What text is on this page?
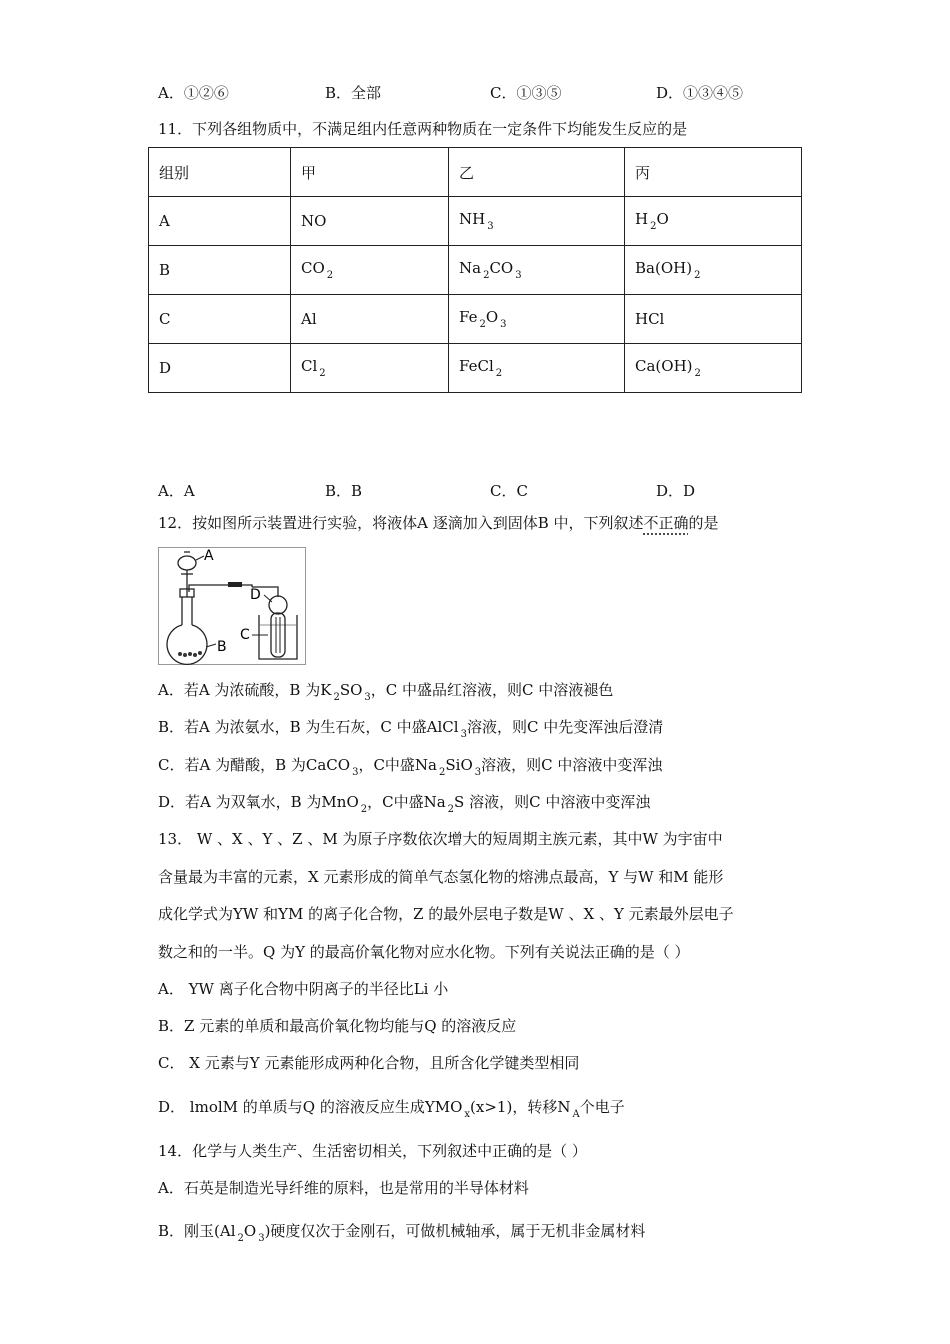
A．①②⑥	B．全部	C．①③⑤	D．①③④⑤
11．下列各组物质中，不满足组内任意两种物质在一定条件下均能发生反应的是
组别	甲	乙	丙
A	NO	NH $_3$	H $_2$O
B	CO $_2$	Na $_2$CO $_3$	Ba(OH) $_2$
C	Al	Fe $_2$O $_3$	HCl
D	Cl $_2$	FeCl $_2$	Ca(OH) $_2$
A．A	B．B	C．C	D．D
12．按如图所示装置进行实验，将液体A 逐滴加入到固体B 中，下列叙述不正确的是
A
B
D
C
A．若A 为浓硫酸，B 为K $_2$SO $_3$，C 中盛品红溶液，则C 中溶液褪色
B．若A 为浓氨水，B 为生石灰，C 中盛AlCl $_3$溶液，则C 中先变浑浊后澄清
C．若A 为醋酸，B 为CaCO $_3$，C中盛Na $_2$SiO $_3$溶液，则C 中溶液中变浑浊
D．若A 为双氧水，B 为MnO $_2$，C中盛Na $_2$S 溶液，则C 中溶液中变浑浊
13． W 、X 、Y 、Z 、M 为原子序数依次增大的短周期主族元素，其中W 为宇宙中
含量最为丰富的元素，X 元素形成的简单气态氢化物的熔沸点最高，Y 与W 和M 能形
成化学式为YW 和YM 的离子化合物，Z 的最外层电子数是W 、X 、Y 元素最外层电子
数之和的一半。Q 为Y 的最高价氧化物对应水化物。下列有关说法正确的是（ ）
A． YW 离子化合物中阴离子的半径比Li 小
B．Z 元素的单质和最高价氧化物均能与Q 的溶液反应
C． X 元素与Y 元素能形成两种化合物，且所含化学键类型相同
D． lmolM 的单质与Q 的溶液反应生成YMO $_x$(x>1)，转移N $_A$个电子
14．化学与人类生产、生活密切相关，下列叙述中正确的是（ ）
A．石英是制造光导纤维的原料，也是常用的半导体材料
B．刚玉(Al $_2$O $_3$)硬度仅次于金刚石，可做机械轴承，属于无机非金属材料
